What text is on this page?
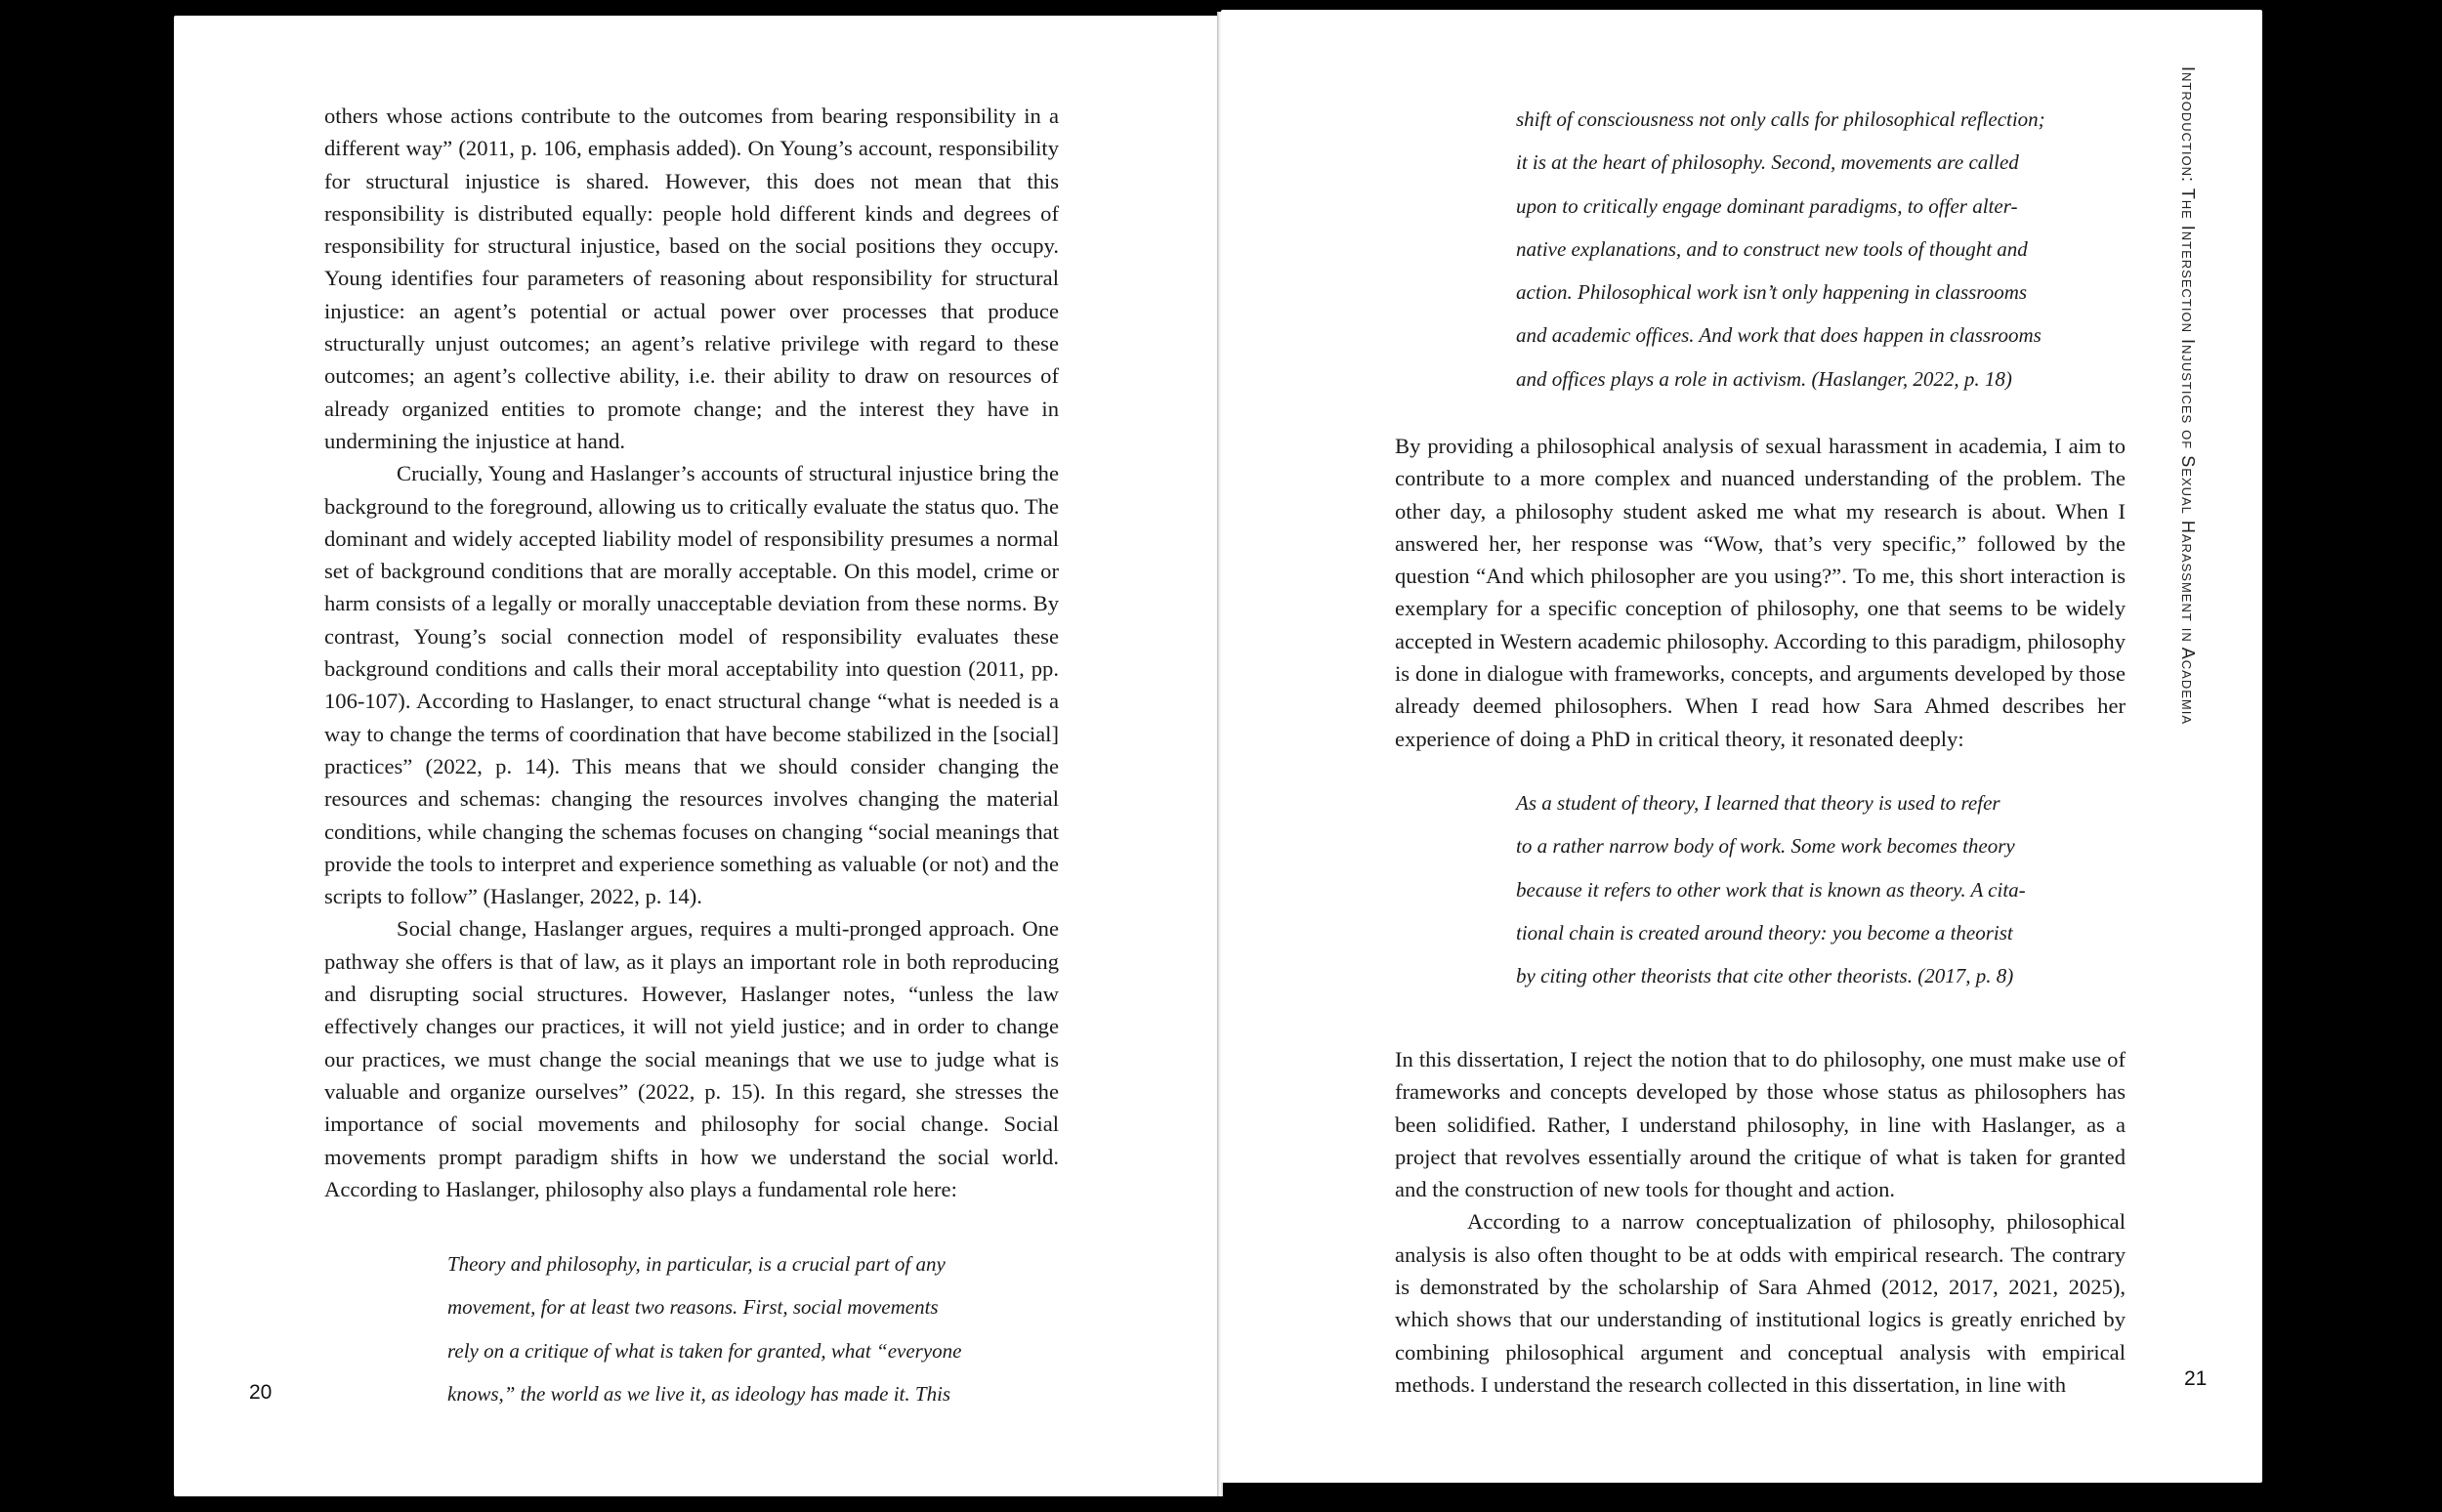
others whose actions contribute to the outcomes from bearing responsibility in a different way” (2011, p. 106, emphasis added). On Young’s account, responsibility for structural injustice is shared. However, this does not mean that this responsibility is distributed equally: people hold different kinds and degrees of responsibility for structural injustice, based on the social positions they occupy. Young identifies four parameters of reasoning about responsibility for structural injustice: an agent’s potential or actual power over processes that produce structurally unjust outcomes; an agent’s relative privilege with regard to these outcomes; an agent’s collective ability, i.e. their ability to draw on resources of already organized entities to promote change; and the interest they have in undermining the injustice at hand.

Crucially, Young and Haslanger’s accounts of structural injustice bring the background to the foreground, allowing us to critically evaluate the status quo. The dominant and widely accepted liability model of responsibility presumes a normal set of background conditions that are morally acceptable. On this model, crime or harm consists of a legally or morally unacceptable deviation from these norms. By contrast, Young’s social connection model of responsibility evaluates these background conditions and calls their moral acceptability into question (2011, pp. 106-107). According to Haslanger, to enact structural change “what is needed is a way to change the terms of coordination that have become stabilized in the [social] practices” (2022, p. 14). This means that we should consider changing the resources and schemas: changing the resources involves changing the material conditions, while changing the schemas focuses on changing “social meanings that provide the tools to interpret and experience something as valuable (or not) and the scripts to follow” (Haslanger, 2022, p. 14).

Social change, Haslanger argues, requires a multi-pronged approach. One pathway she offers is that of law, as it plays an important role in both reproducing and disrupting social structures. However, Haslanger notes, “unless the law effectively changes our practices, it will not yield justice; and in order to change our practices, we must change the social meanings that we use to judge what is valuable and organize ourselves” (2022, p. 15). In this regard, she stresses the importance of social movements and philosophy for social change. Social movements prompt paradigm shifts in how we understand the social world. According to Haslanger, philosophy also plays a fundamental role here:

Theory and philosophy, in particular, is a crucial part of any

movement, for at least two reasons. First, social movements

rely on a critique of what is taken for granted, what “everyone

knows,” the world as we live it, as ideology has made it. This

20

shift of consciousness not only calls for philosophical reflection;

it is at the heart of philosophy. Second, movements are called

upon to critically engage dominant paradigms, to offer alter-

native explanations, and to construct new tools of thought and

action. Philosophical work isn’t only happening in classrooms

and academic offices. And work that does happen in classrooms

and offices plays a role in activism. (Haslanger, 2022, p. 18)

By providing a philosophical analysis of sexual harassment in academia, I aim to contribute to a more complex and nuanced understanding of the problem. The other day, a philosophy student asked me what my research is about. When I answered her, her response was “Wow, that’s very specific,” followed by the question “And which philosopher are you using?”. To me, this short interaction is exemplary for a specific conception of philosophy, one that seems to be widely accepted in Western academic philosophy. According to this paradigm, philosophy is done in dialogue with frameworks, concepts, and arguments developed by those already deemed philosophers. When I read how Sara Ahmed describes her experience of doing a PhD in critical theory, it resonated deeply:

As a student of theory, I learned that theory is used to refer

to a rather narrow body of work. Some work becomes theory

because it refers to other work that is known as theory. A cita-

tional chain is created around theory: you become a theorist

by citing other theorists that cite other theorists. (2017, p. 8)

In this dissertation, I reject the notion that to do philosophy, one must make use of frameworks and concepts developed by those whose status as philosophers has been solidified. Rather, I understand philosophy, in line with Haslanger, as a project that revolves essentially around the critique of what is taken for granted and the construction of new tools for thought and action.

According to a narrow conceptualization of philosophy, philosophical analysis is also often thought to be at odds with empirical research. The contrary is demonstrated by the scholarship of Sara Ahmed (2012, 2017, 2021, 2025), which shows that our understanding of institutional logics is greatly enriched by combining philosophical argument and conceptual analysis with empirical methods. I understand the research collected in this dissertation, in line with

Introduction: The Intersection Injustices of Sexual Harassment in Academia
21
